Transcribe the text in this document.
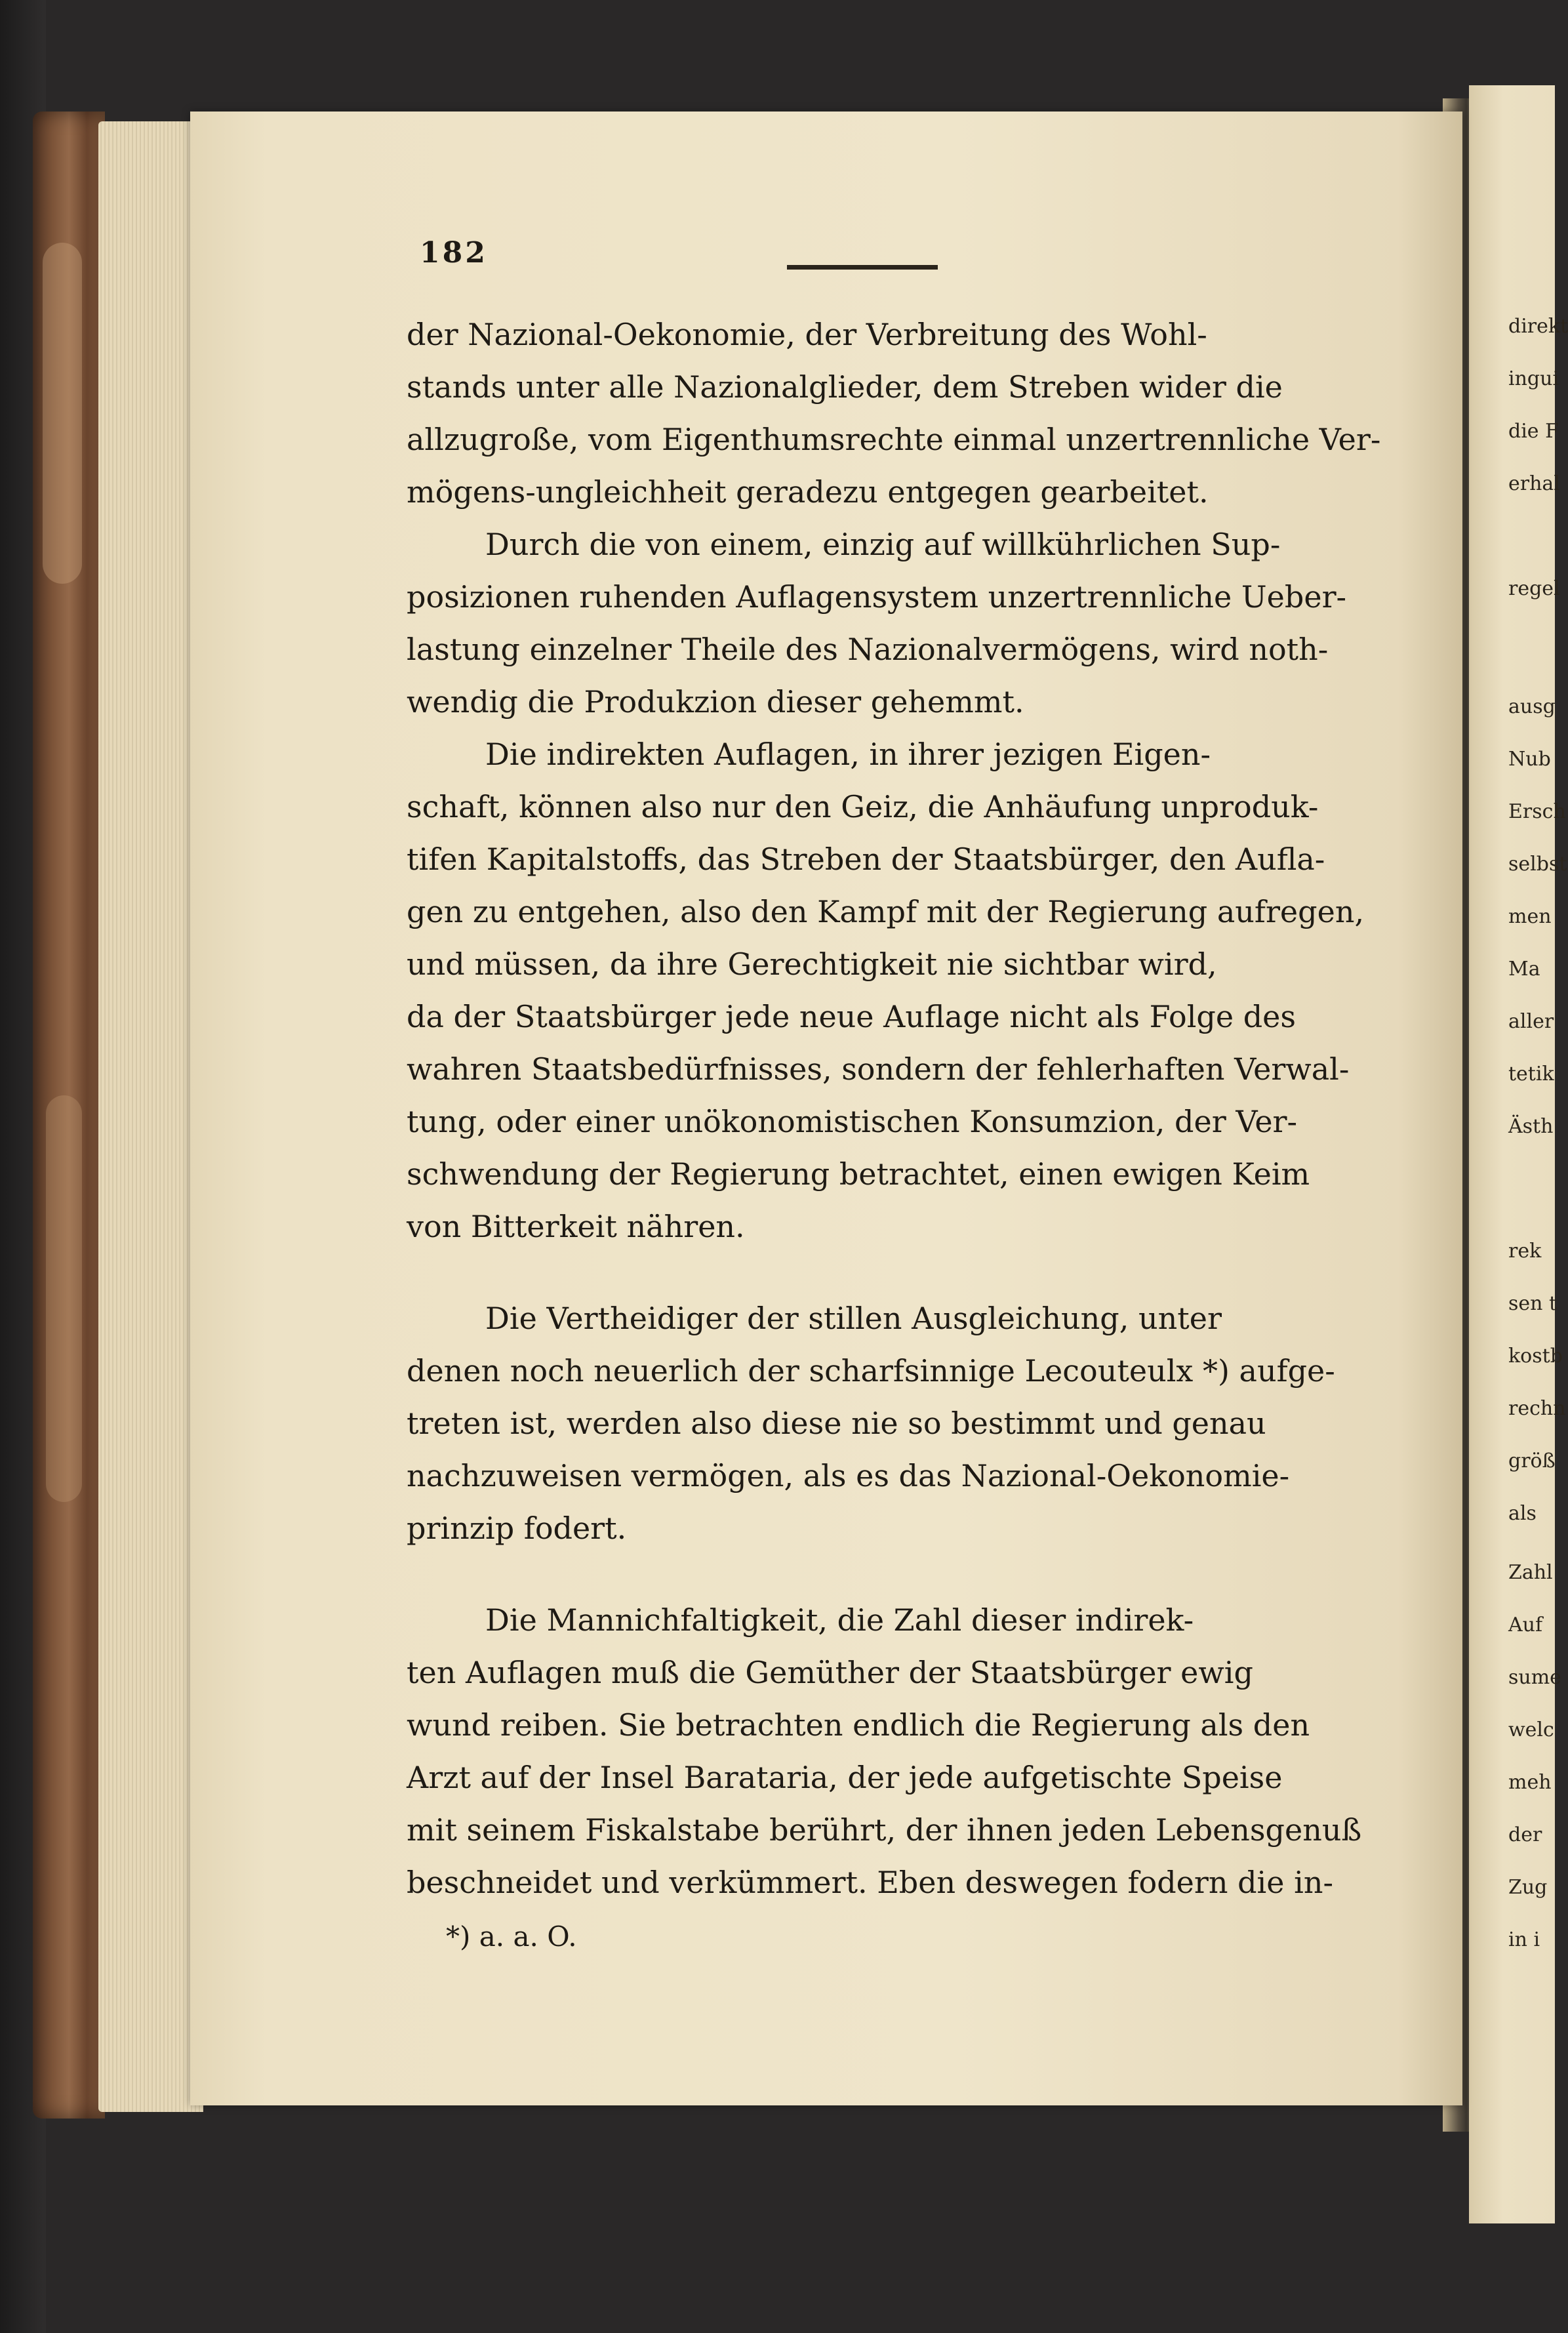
182
der Nazional-Oekonomie, der Verbreitung des Wohl-
stands unter alle Nazionalglieder, dem Streben wider die
allzugroße, vom Eigenthumsrechte einmal unzertrennliche Ver-
mögens-ungleichheit geradezu entgegen gearbeitet.
Durch die von einem, einzig auf willkührlichen Sup-
posizionen ruhenden Auflagensystem unzertrennliche Ueber-
lastung einzelner Theile des Nazionalvermögens, wird noth-
wendig die Produkzion dieser gehemmt.
Die indirekten Auflagen, in ihrer jezigen Eigen-
schaft, können also nur den Geiz, die Anhäufung unproduk-
tifen Kapitalstoffs, das Streben der Staatsbürger, den Aufla-
gen zu entgehen, also den Kampf mit der Regierung aufregen,
und müssen, da ihre Gerechtigkeit nie sichtbar wird,
da der Staatsbürger jede neue Auflage nicht als Folge des
wahren Staatsbedürfnisses, sondern der fehlerhaften Verwal-
tung, oder einer unökonomistischen Konsumzion, der Ver-
schwendung der Regierung betrachtet, einen ewigen Keim
von Bitterkeit nähren.
Die Vertheidiger der stillen Ausgleichung, unter
denen noch neuerlich der scharfsinnige Lecouteulx *) aufge-
treten ist, werden also diese nie so bestimmt und genau
nachzuweisen vermögen, als es das Nazional-Oekonomie-
prinzip fodert.
Die Mannichfaltigkeit, die Zahl dieser indirek-
ten Auflagen muß die Gemüther der Staatsbürger ewig
wund reiben. Sie betrachten endlich die Regierung als den
Arzt auf der Insel Barataria, der jede aufgetischte Speise
mit seinem Fiskalstabe berührt, der ihnen jeden Lebensgenuß
beschneidet und verkümmert. Eben deswegen fodern die in-
*) a. a. O.
direkt
ingui
die F
erhal
regel
ausg
Nub
Ersch
selbst
men
Ma
aller
tetik
Ästh
rek
sen t
kostb
rechn
größ
als
Zahl
Auf
sume
welc
meh
der
Zug
in i
